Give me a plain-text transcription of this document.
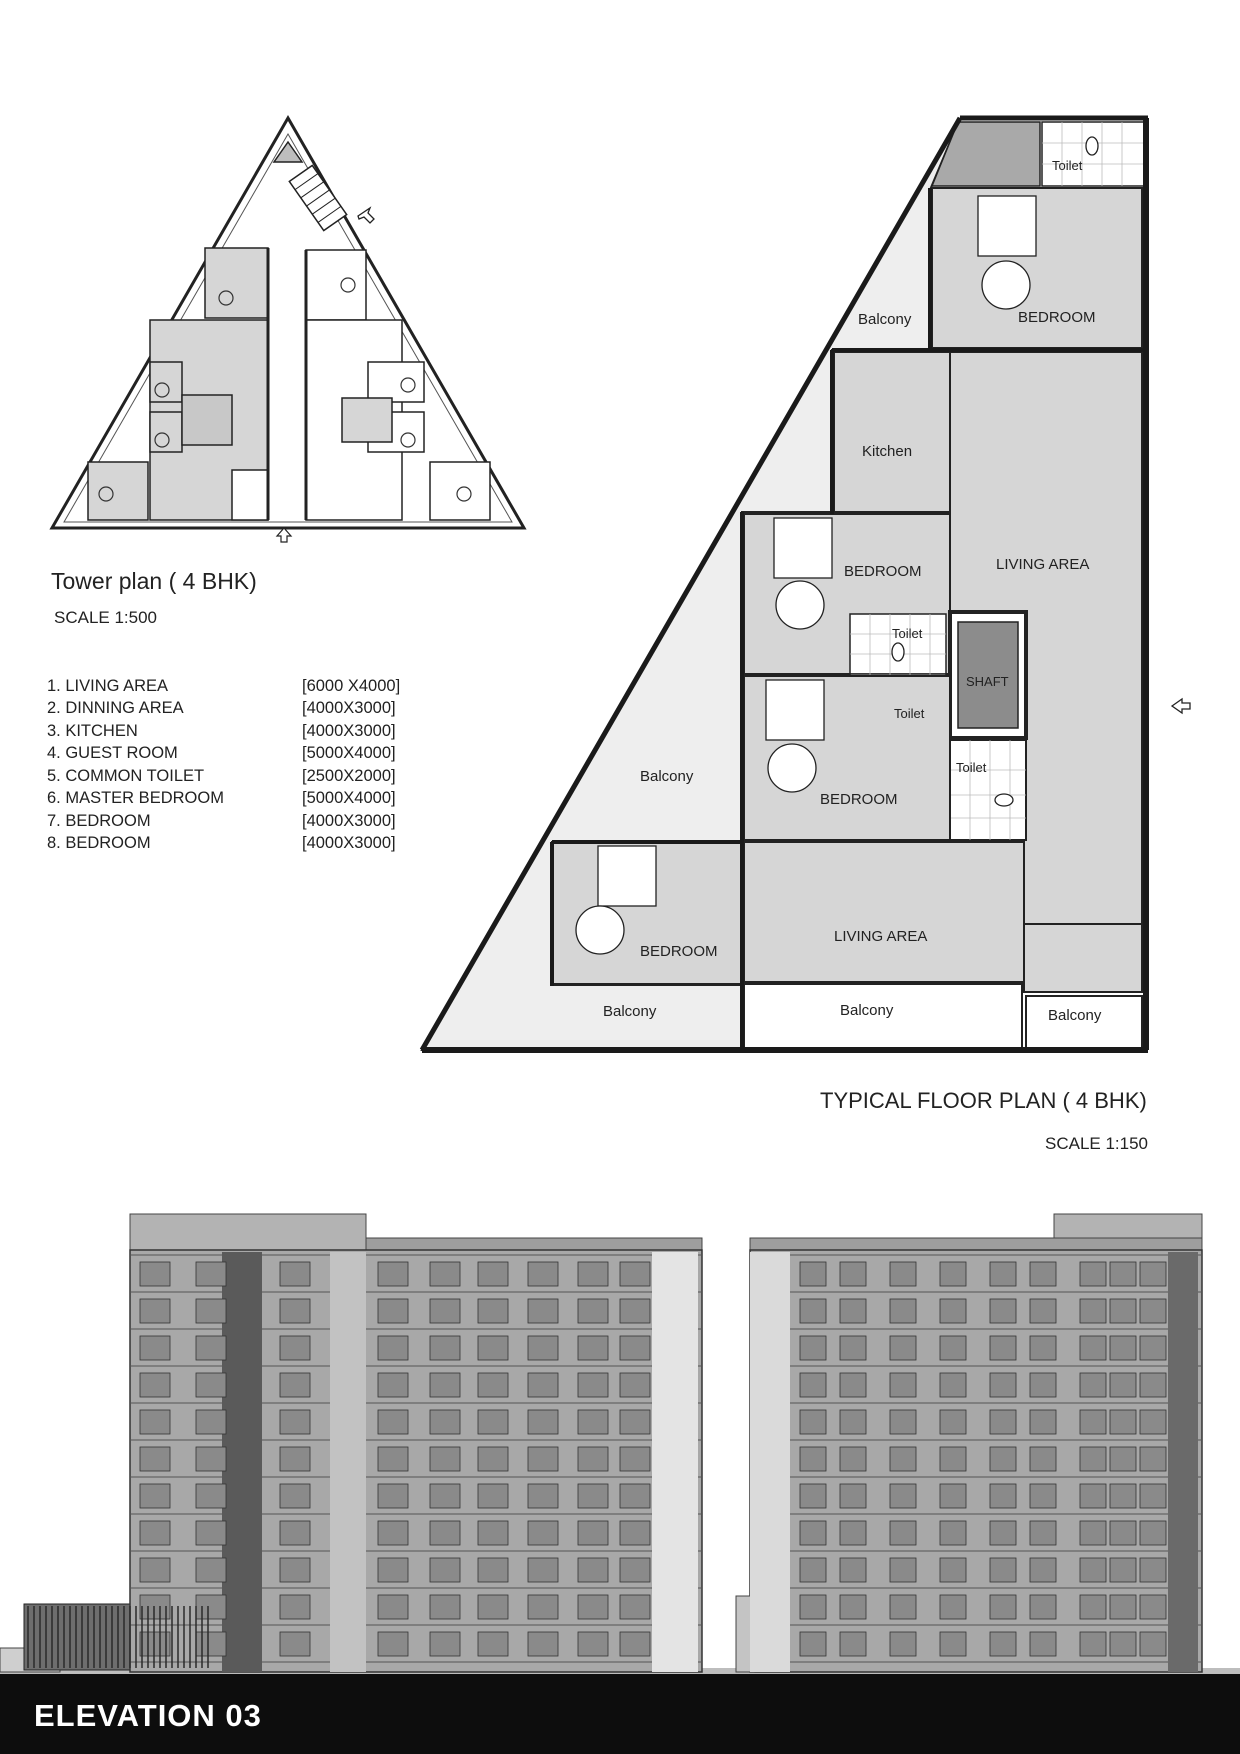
Toilet
BEDROOM
Balcony
Kitchen
LIVING AREA
BEDROOM
Toilet
SHAFT
Toilet
Toilet
Balcony
BEDROOM
BEDROOM
LIVING AREA
Balcony	Balcony	Balcony
Tower plan ( 4 BHK)
SCALE 1:500
1. LIVING AREA	[6000 X4000]
2. DINNING AREA	[4000X3000]
3. KITCHEN	[4000X3000]
4. GUEST ROOM	[5000X4000]
5. COMMON TOILET	[2500X2000]
6. MASTER BEDROOM	[5000X4000]
7. BEDROOM	[4000X3000]
8. BEDROOM	[4000X3000]
TYPICAL FLOOR PLAN ( 4 BHK)
SCALE 1:150
ELEVATION 03
